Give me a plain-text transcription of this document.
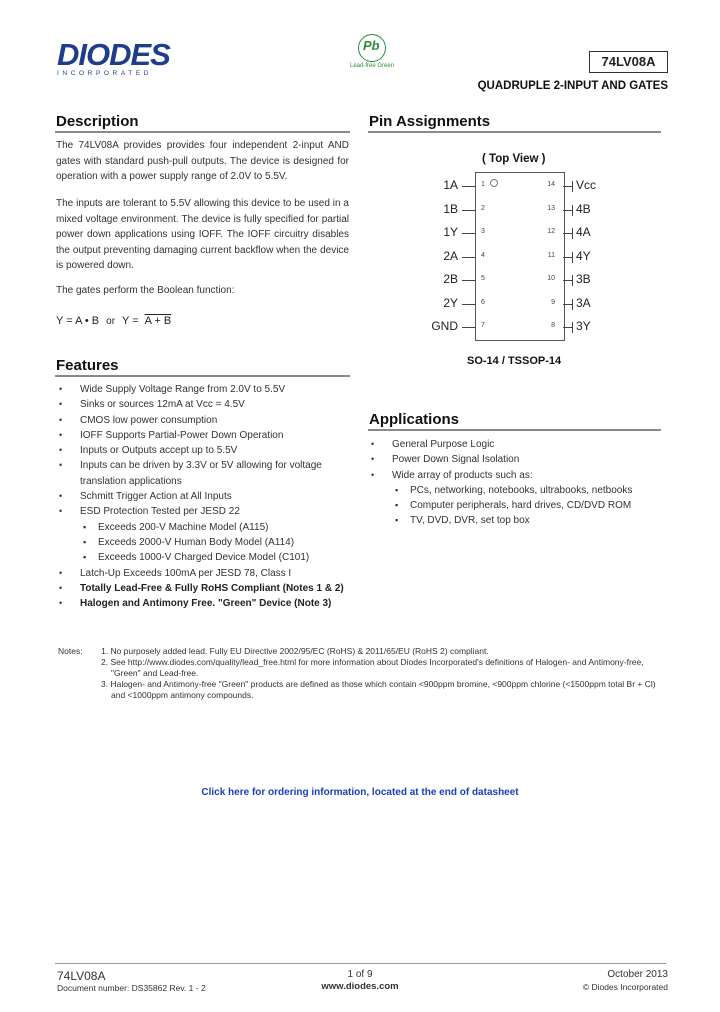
DIODES
INCORPORATED
Pb
Lead-free Green	74LV08A
QUADRUPLE 2-INPUT AND GATES
Description
The 74LV08A provides provides four independent 2-input AND gates with standard push-pull outputs. The device is designed for operation with a power supply range of 2.0V to 5.5V.
The inputs are tolerant to 5.5V allowing this device to be used in a mixed voltage environment. The device is fully specified for partial power down applications using IOFF. The IOFF circuitry disables the output preventing damaging current backflow when the device is powered down.
The gates perform the Boolean function:
Y = A • B or Y = A + B
Features
• Wide Supply Voltage Range from 2.0V to 5.5V
• Sinks or sources 12mA at Vcc = 4.5V
• CMOS low power consumption
• IOFF Supports Partial-Power Down Operation
• Inputs or Outputs accept up to 5.5V
• Inputs can be driven by 3.3V or 5V allowing for voltage
translation applications
• Schmitt Trigger Action at All Inputs
• ESD Protection Tested per JESD 22
▪ Exceeds 200-V Machine Model (A115)
▪ Exceeds 2000-V Human Body Model (A114)
▪ Exceeds 1000-V Charged Device Model (C101)
• Latch-Up Exceeds 100mA per JESD 78, Class I
• Totally Lead-Free & Fully RoHS Compliant (Notes 1 & 2)
• Halogen and Antimony Free. "Green" Device (Note 3)
Pin Assignments
( Top View )
1A	1
1B	2
1Y	3
2A	4
2B	5
2Y	6
GND	7
14 Vcc
13 4B
12 4A
11 4Y
10 3B
9 3A
8 3Y
SO-14 / TSSOP-14
Applications
• General Purpose Logic
• Power Down Signal Isolation
• Wide array of products such as:
▪ PCs, networking, notebooks, ultrabooks, netbooks
▪ Computer peripherals, hard drives, CD/DVD ROM
▪ TV, DVD, DVR, set top box
Notes: 1. No purposely added lead. Fully EU Directive 2002/95/EC (RoHS) & 2011/65/EU (RoHS 2) compliant.
2. See http://www.diodes.com/quality/lead_free.html for more information about Diodes Incorporated's definitions of Halogen- and Antimony-free,
"Green" and Lead-free.
3. Halogen- and Antimony-free "Green" products are defined as those which contain <900ppm bromine, <900ppm chlorine (<1500ppm total Br + Cl)
and <1000ppm antimony compounds.
Click here for ordering information, located at the end of datasheet
74LV08A
Document number: DS35862 Rev. 1 - 2
1 of 9
www.diodes.com
October 2013
© Diodes Incorporated
